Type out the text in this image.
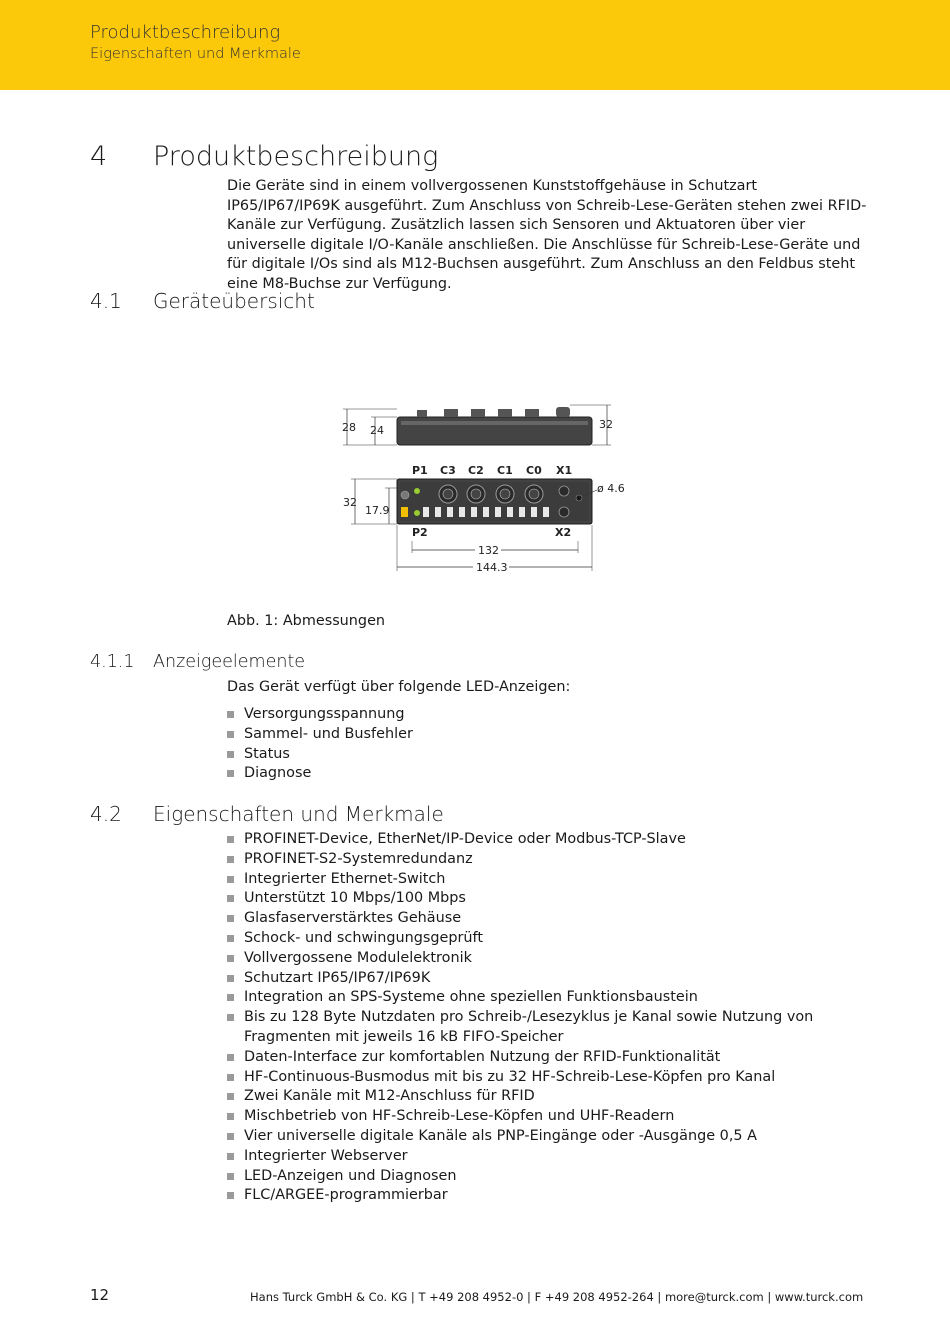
Produktbeschreibung
Eigenschaften und Merkmale
4 Produktbeschreibung
Die Geräte sind in einem vollvergossenen Kunststoffgehäuse in Schutzart IP65/IP67/IP69K ausgeführt. Zum Anschluss von Schreib-Lese-Geräten stehen zwei RFID-Kanäle zur Verfügung. Zusätzlich lassen sich Sensoren und Aktuatoren über vier universelle digitale I/O-Kanäle anschließen. Die Anschlüsse für Schreib-Lese-Geräte und für digitale I/Os sind als M12-Buchsen ausgeführt. Zum Anschluss an den Feldbus steht eine M8-Buchse zur Verfügung.
4.1 Geräteübersicht
28 24	32
P1 C3 C2 C1 C0 X1
ø 4.6
32
17.9
P2	X2
132
144.3
Abb. 1: Abmessungen
4.1.1 Anzeigeelemente
Das Gerät verfügt über folgende LED-Anzeigen:
Versorgungsspannung
Sammel- und Busfehler
Status
Diagnose
4.2 Eigenschaften und Merkmale
PROFINET-Device, EtherNet/IP-Device oder Modbus-TCP-Slave
PROFINET-S2-Systemredundanz
Integrierter Ethernet-Switch
Unterstützt 10 Mbps/100 Mbps
Glasfaserverstärktes Gehäuse
Schock- und schwingungsgeprüft
Vollvergossene Modulelektronik
Schutzart IP65/IP67/IP69K
Integration an SPS-Systeme ohne speziellen Funktionsbaustein
Bis zu 128 Byte Nutzdaten pro Schreib-/Lesezyklus je Kanal sowie Nutzung von Fragmenten mit jeweils 16 kB FIFO-Speicher
Daten-Interface zur komfortablen Nutzung der RFID-Funktionalität
HF-Continuous-Busmodus mit bis zu 32 HF-Schreib-Lese-Köpfen pro Kanal
Zwei Kanäle mit M12-Anschluss für RFID
Mischbetrieb von HF-Schreib-Lese-Köpfen und UHF-Readern
Vier universelle digitale Kanäle als PNP-Eingänge oder -Ausgänge 0,5 A
Integrierter Webserver
LED-Anzeigen und Diagnosen
FLC/ARGEE-programmierbar
12	Hans Turck GmbH & Co. KG | T +49 208 4952-0 | F +49 208 4952-264 | more@turck.com | www.turck.com
